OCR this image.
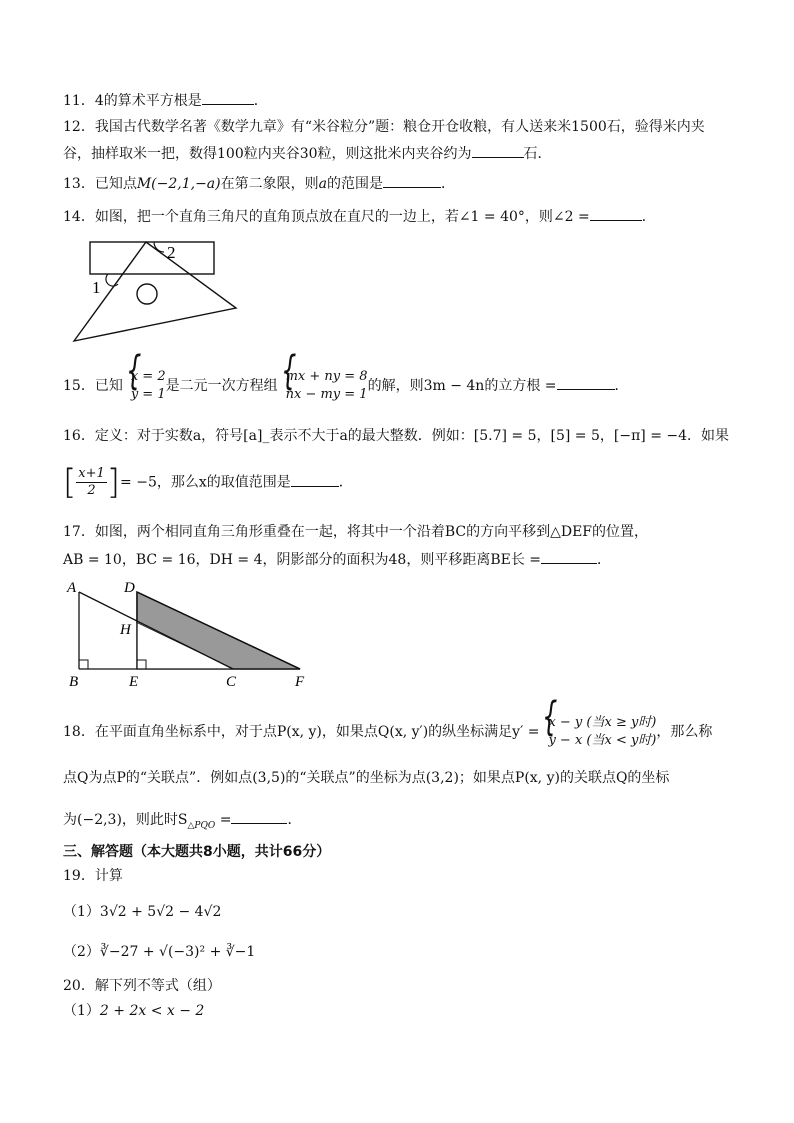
11．4的算术平方根是	．
12．我国古代数学名著《数学九章》有“米谷粒分”题：粮仓开仓收粮，有人送来米1500石，验得米内夹
谷，抽样取米一把，数得100粒内夹谷30粒，则这批米内夹谷约为	石．
13．已知点M(−2,1,−a)在第二象限，则a的范围是	．
14．如图，把一个直角三角尺的直角顶点放在直尺的一边上，若∠1 = 40°，则∠2 =	．
2
1
15．已知
{ x = 2
y = 1
是二元一次方程组
{ mx + ny = 8
nx − my = 1
的解，则3m − 4n的立方根 =	．
16．定义：对于实数a，符号[a]_表示不大于a的最大整数．例如：[5.7] = 5，[5] = 5，[−π] = −4．如果
[ $\frac{x+1}{2}$ ]= −5，那么x的取值范围是	．
17．如图，两个相同直角三角形重叠在一起，将其中一个沿着BC的方向平移到△DEF的位置，
AB = 10，BC = 16，DH = 4，阴影部分的面积为48，则平移距离BE长 =	．
A	D
H
B	E	C	F
18．在平面直角坐标系中，对于点P(x, y)，如果点Q(x, y′)的纵坐标满足y′ =
{ x − y (当x ≥ y时)
y − x (当x < y时)
，那么称
点Q为点P的“关联点”．例如点(3,5)的“关联点”的坐标为点(3,2)；如果点P(x, y)的关联点Q的坐标
为(−2,3)，则此时$S_{\triangle PQO}$ =	．
三、解答题（本大题共8小题，共计66分）
19．计算
（1）3√2 + 5√2 − 4√2
（2）∛−27 + √(−3)² + ∛−1
20．解下列不等式（组）
（1）2 + 2x < x − 2
